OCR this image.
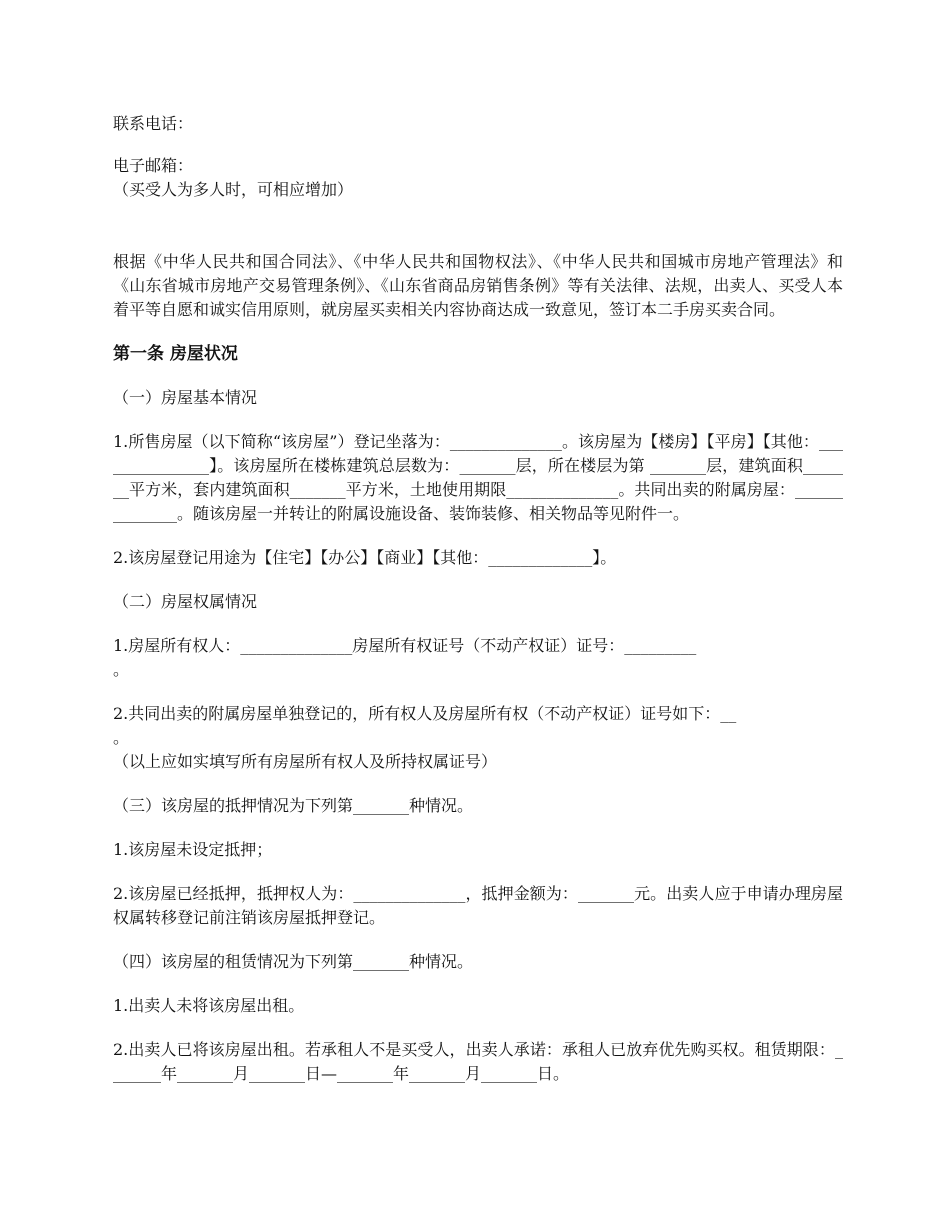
联系电话：

电子邮箱：

（买受人为多人时，可相应增加）

根据《中华人民共和国合同法》、《中华人民共和国物权法》、《中华人民共和国城市房地产管理法》和《山东省城市房地产交易管理条例》、《山东省商品房销售条例》等有关法律、法规，出卖人、买受人本着平等自愿和诚实信用原则，就房屋买卖相关内容协商达成一致意见，签订本二手房买卖合同。

第一条 房屋状况

（一）房屋基本情况

1.所售房屋（以下简称“该房屋”）登记坐落为：______________。该房屋为【楼房】【平房】【其他：_______________】。该房屋所在楼栋建筑总层数为：_______层，所在楼层为第 _______层，建筑面积_______平方米，套内建筑面积_______平方米，土地使用期限______________。共同出卖的附属房屋：______________。随该房屋一并转让的附属设施设备、装饰装修、相关物品等见附件一。

2.该房屋登记用途为【住宅】【办公】【商业】【其他：_____________】。

（二）房屋权属情况

1.房屋所有权人：______________房屋所有权证号（不动产权证）证号：_________

。

2.共同出卖的附属房屋单独登记的，所有权人及房屋所有权（不动产权证）证号如下：__

。

（以上应如实填写所有房屋所有权人及所持权属证号）

（三）该房屋的抵押情况为下列第_______种情况。

1.该房屋未设定抵押；

2.该房屋已经抵押，抵押权人为：______________，抵押金额为：_______元。出卖人应于申请办理房屋权属转移登记前注销该房屋抵押登记。

（四）该房屋的租赁情况为下列第_______种情况。

1.出卖人未将该房屋出租。

2.出卖人已将该房屋出租。若承租人不是买受人，出卖人承诺：承租人已放弃优先购买权。租赁期限：_______年_______月_______日—_______年_______月_______日。
